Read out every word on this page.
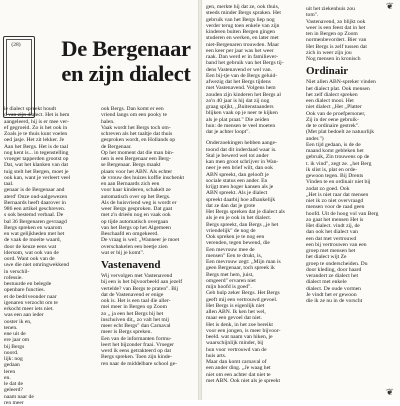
(28) De Bergenaar en zijn dialect
ie dialect spreekt houdt
d van zijn dialect. Het is hem
aangeleerd, hij is er mee ver-
ef gegroeid. Zo is het ook in
Zoals je te thuis kunt voelen
oed jasje. Het zit lekker. Je
Aan het Bergs. Het is de taal
nog kent is... in tegenstelling
vroeger tapperden grootst op
Dat, wat het klanken van dat
tuig stelt het Bergen, moet je
ook kan, want je verleert veel
taal.
genaar is de Bergenaar and
aterd' Onze oud-aalgewezen
Bernaards heeft daarover in
986 een artikel geschreven.
s ook bestemd verbaal. De
bal 36 Bergenaren gevraagd
Bergs spreken en waarom
en wat gelijkheden met het
de vaak de moeite waard,
door de keuze eens wat
ldersom, wat ook van de
oord. Want ook van de
uwe die niet omringwekkend
in verschil-
rofessie.
bestuurde en belegde
openbare functies.
et de bedriveonder naar
igenaren verzocht om te
erkocht meer iets niet.
was een aan ieder
ooster ik en,
tenen.
ene uit de
ere jaar om
bij Bergs
noord.
lijk: nog
gedaan
leren
en.
le dat de
geleerd?
naam naar de
ren meer
ook Bergs. Dan komt er een
vriend langs om een pooky te
halen.
Vaak wordt het Bergs toch om-
schreven als het taaltje dat thuis
gesproken wordt, en Hollands op
de Bergenaar.
Op het moment dat die man bin-
nen is een Bergenaar een Berg-
se Bergenaar. Bergs maakt
plaats voor het ABN. Als echter
de vrouw des huizes koffie inschenkt
en aan Bernaards zich een
voor haar kinderen, schakelt ze
automatisch over op het Bergs.
Als de huisvriend weg is wordt er
weer Bergs gesproken. Dat gaat
met z'n drieën nog en vaak ook
op tijde automatisch overgaan
van het Bergs op het Algemeen
Beschaafd en omgekeerd.
De vraag is wel: „Wanneer je moet
overschakelen een beetje zien
wat er bij je komt".
Vastenavend
Wij vervolgen met Vastenavend
bij een is het bijvoorbeeld aan jezelf
vertelde? van Bergs te praten". Bij
dat de Vastenavend er enige
ook is. Het is een taal die aller-
mei meer in Bergen op Zoom
zo ,, ja een het Bergs bij het
inschuiven dit,, zo valt het mij
meer echt Bergs" dan Carnaval
meer is Bergs spreken.
Een van de informanten formu-
leert het bijzonder fraai. Vroeger
werd ik eens getrakteerd op dat
Bergs spreken. Toen zijn kinde-
ren naar de middelbare school ge-
gen, merkte hij dat ze, ook thuis,
steeds minder Bergs spraken. Het
gebruik van het Bergs liep nog
verder terug toen enkele van zijn
kinderen buiten Bergen gingen
studeren en werken, en later met
niet-Bergenaren trouwden. Maar
een keer per jaar was het weer
raak. Dan werd er in familiever-
band het gebruik van het Bergs tij-
dens Vastenavend er wel van.
Een bij-tje van de Bergs geluid-
afwezig dat het Bergs tijdens
met Vastenavend. Volgens hem
zouden zijn kinderen het Bergs al
zo'n 40 jaar is hij dat zij nog
graag spijkt, ,,Buitenstaanders
blijken vaak op je neer te kijken
als je plat praat." Die zeiden
hun: de mensen te veel moeten
dat je achter loopt".
Onderzoekingen hebben aange-
toond dat dit inderdaad waar is.
Stal je bewerd wel tot ander
kan men groot schrijver in Wan-
neer je een brief wilt, dan ook
ABN spreekt, dan gelooft je
sociale status een ander. En
krijgt men hoger kansen als je
ABN spreekt. Als je dialect
spreekt daarbij hoe afhankelijk
dat ze dan dat je grote
Het Bergs spreken dat je dialect als
als je en je ook in het dialect.
Bergs spreekt, dan Bergs ,,je het
vriendelijk" de nog de
Ook spreken je te nog een
verenden, tegen bewend, die
Een mevrouw mee de
mensen" Een te drukt, is,
Een mevrouw zegt: ,,Mijn man is
geen Bergenaar, toch spreek ik
Bergs met hem, juist,
omgeerd" ervaren niet
mijn hoofd is goed".
Geb hulp zeker Bergs. Het Bergs
geeft mij een vertrouwd gevoel.
Het Bergs is eigenlijk niet
allen ABN. Ik ken het wel,
maar een gevoel dat niet.
Het is denk, in het zoe bereikt
voor een jongen, is meer bijvoor-
beeld. wat naam van hiken, je
waarschijnlijk minder, bij
hun voor vertrouwd van de
huis arts.
Maar dan komt carnaval of
een ander ding. ,,Je waag het
niet om een achter dat niet te
met ABN. Ook niet als je spreekt
uit het ziekenhuis zou
tom".
Vastenavend, zo blijkt ook
weer is een feest dat in het
ten in Bergen op Zoom
normenbevordert. Bier van
Het Bergs is zelf tussen dat
zich in weer zijn jou
Nog mensen in kronisch
Ordinair
Niet allen ABN-spreker vinden
het dialect plat. Ook mensen
het zelf dialect spreken
een dialect mooi. Het
niet dialect ,,Het ,,Platter
Ook van de proefpersoner,
Zij in der eene gebruik-
de te ordinaire gestrek".
(Met plat bedoelt ze natuurlijk
ander.")
Een tijd gedaan, is de de
maand komt gebleken het
gebruik, Zin trouwens op de
t. ik vind", zegt ze. ,,het Berg
ik slist is, plat en orde-
gewoon tegen. Bij Drents
Vinden te en ordinair niet bij
zodat zo goed. Ook
„Het is niet raar dat mensen
niet ik zo niet overvraagd
mensen voor de raad geen
hoofd. Uit de hoog vol van Berg
zo gaat het mensen Het is
Het dialect. vindt zij, de
dan ook het dialect van
een dat met vertrouwd
een bij vertrouwen van een
groep met mensen het
het dialect wijt Ze
groep te onderscheiden. Du
door kleding, door haard
verandert ze dialect het
dialect met enkele
dialect. De oude vormen
Je vindt het er gewoon
die ik ze nu in de vorscht
❦
❦
